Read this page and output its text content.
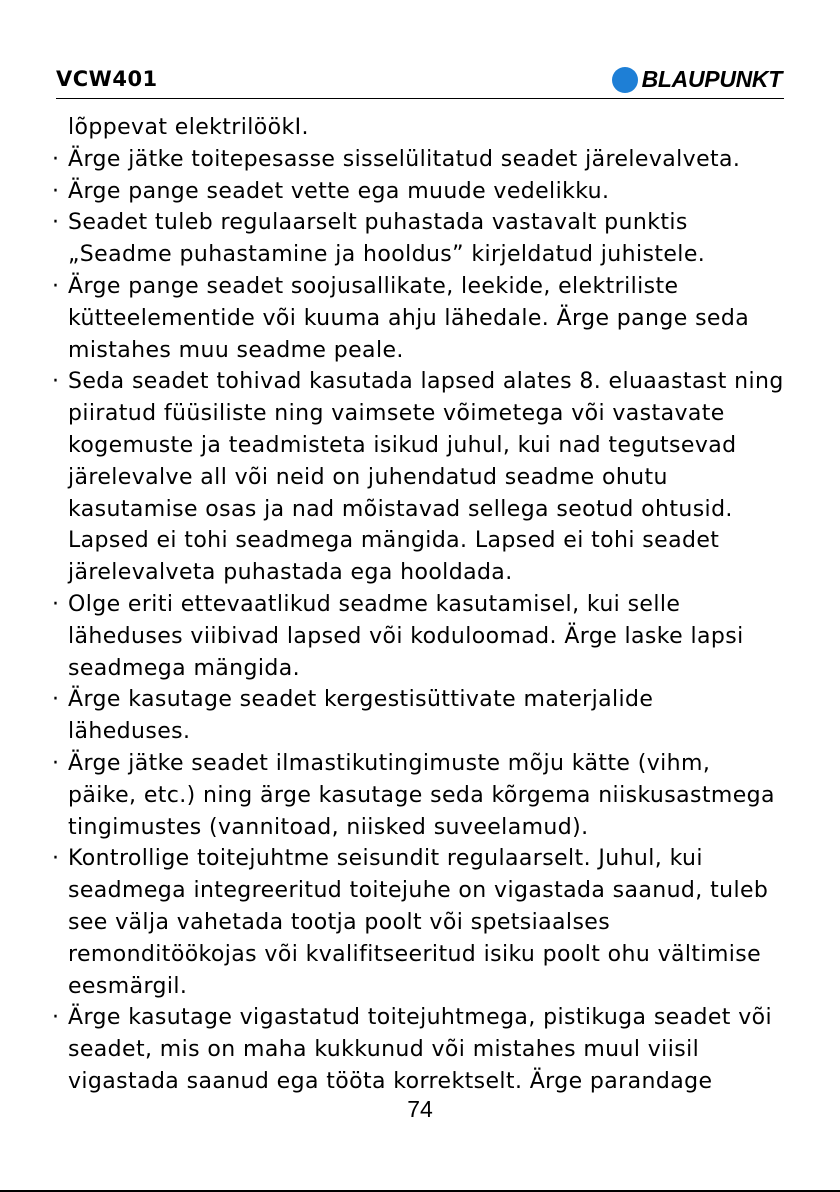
VCW401	BLAUPUNKT
lõppevat elektrilöökI.
· Ärge jätke toitepesasse sisselülitatud seadet järelevalveta.
· Ärge pange seadet vette ega muude vedelikku.
· Seadet tuleb regulaarselt puhastada vastavalt punktis
„Seadme puhastamine ja hooldus” kirjeldatud juhistele.
· Ärge pange seadet soojusallikate, leekide, elektriliste
kütteelementide või kuuma ahju lähedale. Ärge pange seda
mistahes muu seadme peale.
· Seda seadet tohivad kasutada lapsed alates 8. eluaastast ning
piiratud füüsiliste ning vaimsete võimetega või vastavate
kogemuste ja teadmisteta isikud juhul, kui nad tegutsevad
järelevalve all või neid on juhendatud seadme ohutu
kasutamise osas ja nad mõistavad sellega seotud ohtusid.
Lapsed ei tohi seadmega mängida. Lapsed ei tohi seadet
järelevalveta puhastada ega hooldada.
· Olge eriti ettevaatlikud seadme kasutamisel, kui selle
läheduses viibivad lapsed või koduloomad. Ärge laske lapsi
seadmega mängida.
· Ärge kasutage seadet kergestisüttivate materjalide
läheduses.
· Ärge jätke seadet ilmastikutingimuste mõju kätte (vihm,
päike, etc.) ning ärge kasutage seda kõrgema niiskusastmega
tingimustes (vannitoad, niisked suveelamud).
· Kontrollige toitejuhtme seisundit regulaarselt. Juhul, kui
seadmega integreeritud toitejuhe on vigastada saanud, tuleb
see välja vahetada tootja poolt või spetsiaalses
remonditöökojas või kvalifitseeritud isiku poolt ohu vältimise
eesmärgil.
· Ärge kasutage vigastatud toitejuhtmega, pistikuga seadet või
seadet, mis on maha kukkunud või mistahes muul viisil
vigastada saanud ega tööta korrektselt. Ärge parandage
74
